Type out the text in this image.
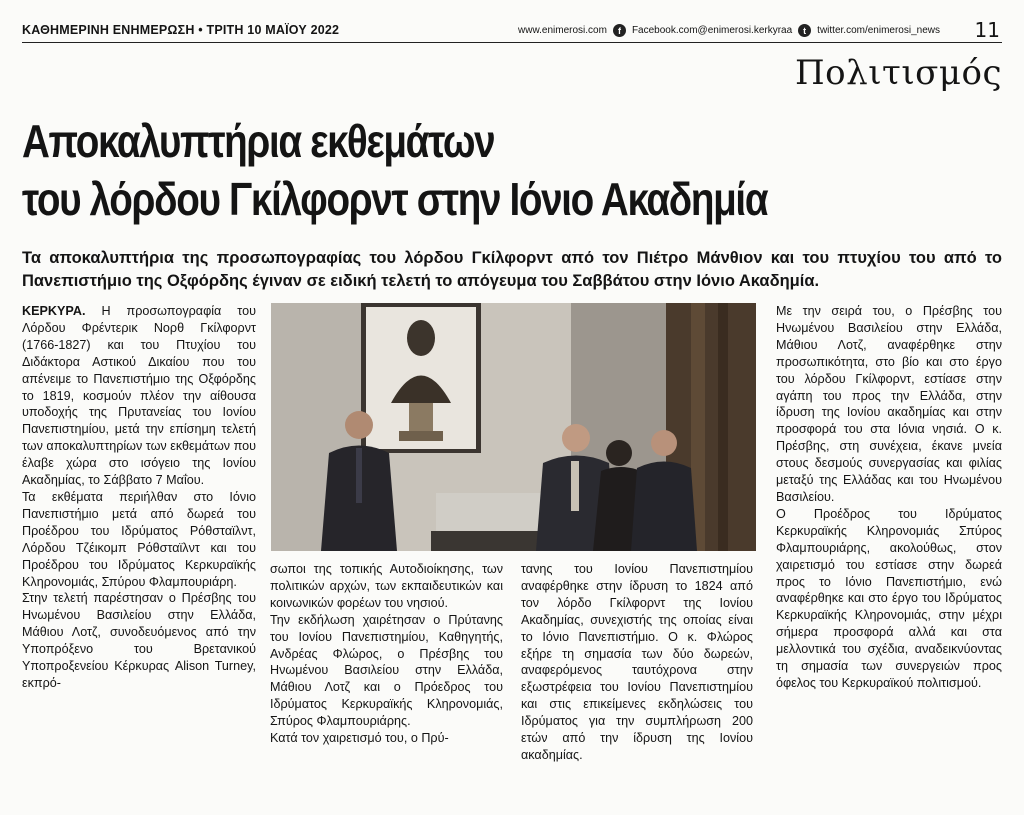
ΚΑΘΗΜΕΡΙΝΗ ΕΝΗΜΕΡΩΣΗ • ΤΡΙΤΗ 10 ΜΑΪΟΥ 2022	www.enimerosi.com	f	Facebook.com@enimerosi.kerkyraa	t	twitter.com/enimerosi_news 11
Πολιτισμός
Αποκαλυπτήρια εκθεμάτων
του λόρδου Γκίλφορντ στην Ιόνιο Ακαδημία
Τα αποκαλυπτήρια της προσωπογραφίας του λόρδου Γκίλφορντ από τον Πιέτρο Μάνθιον και του πτυχίου του από το Πανεπιστήμιο της Οξφόρδης έγιναν σε ειδική τελετή το απόγευμα του Σαββάτου στην Ιόνιο Ακαδημία.

ΚΕΡΚΥΡΑ. Η προσωπογραφία του Λόρδου Φρέντερικ Νορθ Γκίλφορντ (1766-1827) και του Πτυχίου του Διδάκτορα Αστικού Δικαίου που του απένειμε το Πανεπιστήμιο της Οξφόρδης το 1819, κοσμούν πλέον την αίθουσα υποδοχής της Πρυτανείας του Ιονίου Πανεπιστημίου, μετά την επίσημη τελετή των αποκαλυπτηρίων των εκθεμάτων που έλαβε χώρα στο ισόγειο της Ιονίου Ακαδημίας, το Σάββατο 7 Μαΐου.

Τα εκθέματα περιήλθαν στο Ιόνιο Πανεπιστήμιο μετά από δωρεά του Προέδρου του Ιδρύματος Ρόθσταϊλντ, Λόρδου Τζέικομπ Ρόθσταϊλντ και του Προέδρου του Ιδρύματος Κερκυραϊκής Κληρονομιάς, Σπύρου Φλαμπουριάρη.

Στην τελετή παρέστησαν ο Πρέσβης του Ηνωμένου Βασιλείου στην Ελλάδα, Μάθιου Λοτζ, συνοδευόμενος από την Υποπρόξενο του Βρετανικού Υποπροξενείου Κέρκυρας Alison Turney, εκπρό-

σωποι της τοπικής Αυτοδιοίκησης, των πολιτικών αρχών, των εκπαιδευτικών και κοινωνικών φορέων του νησιού.

Την εκδήλωση χαιρέτησαν ο Πρύτανης του Ιονίου Πανεπιστημίου, Καθηγητής, Ανδρέας Φλώρος, ο Πρέσβης του Ηνωμένου Βασιλείου στην Ελλάδα, Μάθιου Λοτζ και ο Πρόεδρος του Ιδρύματος Κερκυραϊκής Κληρονομιάς, Σπύρος Φλαμπουριάρης.

Κατά τον χαιρετισμό του, ο Πρύ-

τανης του Ιονίου Πανεπιστημίου αναφέρθηκε στην ίδρυση το 1824 από τον λόρδο Γκίλφορντ της Ιονίου Ακαδημίας, συνεχιστής της οποίας είναι το Ιόνιο Πανεπιστήμιο. Ο κ. Φλώρος εξήρε τη σημασία των δύο δωρεών, αναφερόμενος ταυτόχρονα στην εξωστρέφεια του Ιονίου Πανεπιστημίου και στις επικείμενες εκδηλώσεις του Ιδρύματος για την συμπλήρωση 200 ετών από την ίδρυση της Ιονίου ακαδημίας.

Με την σειρά του, ο Πρέσβης του Ηνωμένου Βασιλείου στην Ελλάδα, Μάθιου Λοτζ, αναφέρθηκε στην προσωπικότητα, στο βίο και στο έργο του λόρδου Γκίλφορντ, εστίασε στην αγάπη του προς την Ελλάδα, στην ίδρυση της Ιονίου ακαδημίας και στην προσφορά του στα Ιόνια νησιά. Ο κ. Πρέσβης, στη συνέχεια, έκανε μνεία στους δεσμούς συνεργασίας και φιλίας μεταξύ της Ελλάδας και του Ηνωμένου Βασιλείου.

Ο Προέδρος του Ιδρύματος Κερκυραϊκής Κληρονομιάς Σπύρος Φλαμπουριάρης, ακολούθως, στον χαιρετισμό του εστίασε στην δωρεά προς το Ιόνιο Πανεπιστήμιο, ενώ αναφέρθηκε και στο έργο του Ιδρύματος Κερκυραϊκής Κληρονομιάς, στην μέχρι σήμερα προσφορά αλλά και στα μελλοντικά του σχέδια, αναδεικνύοντας τη σημασία των συνεργειών προς όφελος του Κερκυραϊκού πολιτισμού.
